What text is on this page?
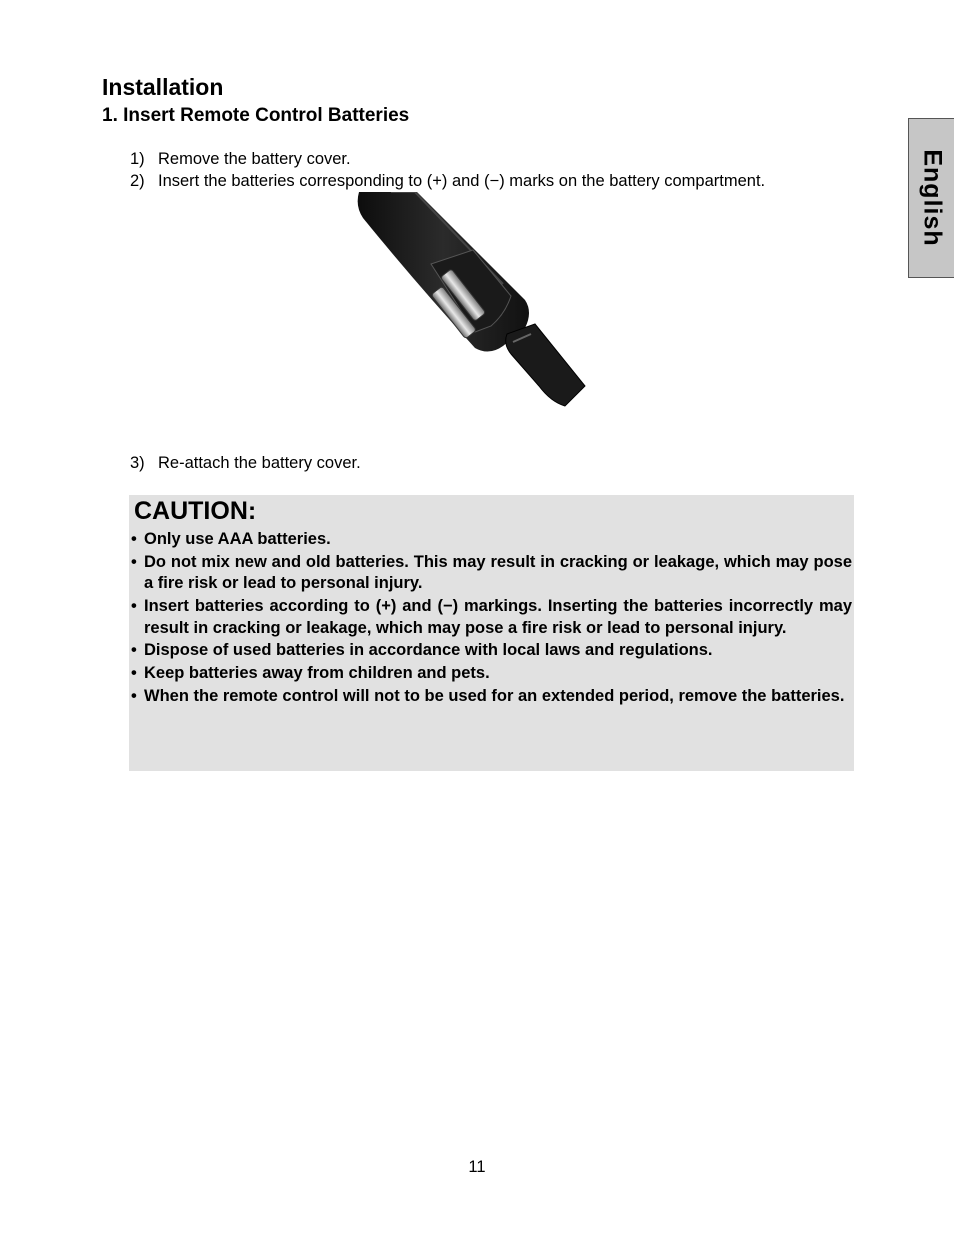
Installation
1. Insert Remote Control Batteries
English
1) Remove the battery cover.
2) Insert the batteries corresponding to (+) and (−) marks on the battery compartment.
3) Re-attach the battery cover.
CAUTION:
• Only use AAA batteries.
• Do not mix new and old batteries. This may result in cracking or leakage, which may pose a fire risk or lead to personal injury.
• Insert batteries according to (+) and (−) markings. Inserting the batteries incorrectly may result in cracking or leakage, which may pose a fire risk or lead to personal injury.
• Dispose of used batteries in accordance with local laws and regulations.
• Keep batteries away from children and pets.
• When the remote control will not to be used for an extended period, remove the batteries.

11
